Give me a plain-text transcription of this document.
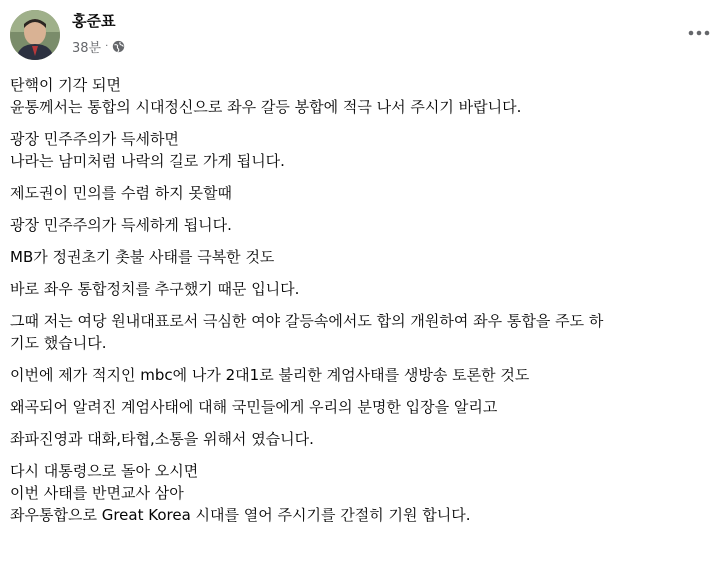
홍준표
38분 ·
탄핵이 기각 되면
윤통께서는 통합의 시대정신으로 좌우 갈등 봉합에 적극 나서 주시기 바랍니다.
광장 민주주의가 득세하면
나라는 남미처럼 나락의 길로 가게 됩니다.
제도권이 민의를 수렴 하지 못할때
광장 민주주의가 득세하게 됩니다.
MB가 정권초기 촛불 사태를 극복한 것도
바로 좌우 통합정치를 추구했기 때문 입니다.
그때 저는 여당 원내대표로서 극심한 여야 갈등속에서도 합의 개원하여 좌우 통합을 주도 하
기도 했습니다.
이번에 제가 적지인 mbc에 나가 2대1로 불리한 계엄사태를 생방송 토론한 것도
왜곡되어 알려진 계엄사태에 대해 국민들에게 우리의 분명한 입장을 알리고
좌파진영과 대화,타협,소통을 위해서 였습니다.
다시 대통령으로 돌아 오시면
이번 사태를 반면교사 삼아
좌우통합으로 Great Korea 시대를 열어 주시기를 간절히 기원 합니다.
